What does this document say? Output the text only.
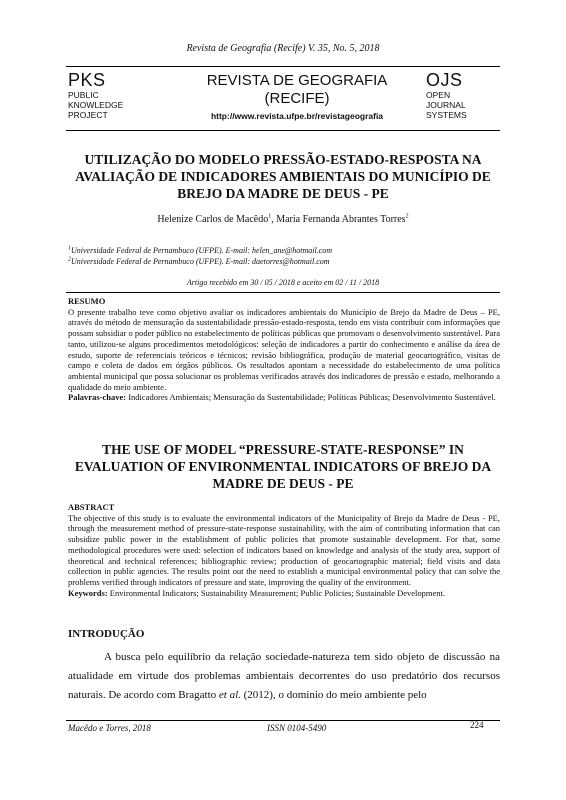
Revista de Geografia (Recife) V. 35, No. 5, 2018
PKS
PUBLIC
KNOWLEDGE
PROJECT
REVISTA DE GEOGRAFIA
(RECIFE)
http://www.revista.ufpe.br/revistageografia
OJS
OPEN
JOURNAL
SYSTEMS
UTILIZAÇÃO DO MODELO PRESSÃO-ESTADO-RESPOSTA NA AVALIAÇÃO DE INDICADORES AMBIENTAIS DO MUNICÍPIO DE BREJO DA MADRE DE DEUS - PE
Helenize Carlos de Macêdo$^1$, Maria Fernanda Abrantes Torres$^2$
$^1$Universidade Federal de Pernambuco (UFPE). E-mail: helen_ane@hotmail.com
$^2$Universidade Federal de Pernambuco (UFPE). E-mail: daetorres@hotmail.com
Artigo recebido em 30 / 05 / 2018 e aceito em 02 / 11 / 2018
RESUMO
O presente trabalho teve como objetivo avaliar os indicadores ambientais do Município de Brejo da Madre de Deus – PE, através do método de mensuração da sustentabilidade pressão-estado-resposta, tendo em vista contribuir com informações que possam subsidiar o poder público no estabelecimento de políticas públicas que promovam o desenvolvimento sustentável. Para tanto, utilizou-se alguns procedimentos metodológicos: seleção de indicadores a partir do conhecimento e análise da área de estudo, suporte de referenciais teóricos e técnicos; revisão bibliográfica, produção de material geocartográfico, visitas de campo e coleta de dados em órgãos públicos. Os resultados apontam a necessidade do estabelecimento de uma política ambiental municipal que possa solucionar os problemas verificados através dos indicadores de pressão e estado, melhorando a qualidade do meio ambiente.
Palavras-chave: Indicadores Ambientais; Mensuração da Sustentabilidade; Políticas Públicas; Desenvolvimento Sustentável.
THE USE OF MODEL “PRESSURE-STATE-RESPONSE” IN EVALUATION OF ENVIRONMENTAL INDICATORS OF BREJO DA MADRE DE DEUS - PE
ABSTRACT
The objective of this study is to evaluate the environmental indicators of the Municipality of Brejo da Madre de Deus - PE, through the measurement method of pressure-state-response sustainability, with the aim of contributing information that can subsidize public power in the establishment of public policies that promote sustainable development. For that, some methodological procedures were used: selection of indicators based on knowledge and analysis of the study area, support of theoretical and technical references; bibliographic review; production of geocartographic material; field visits and data collection in public agencies. The results point out the need to establish a municipal environmental policy that can solve the problems verified through indicators of pressure and state, improving the quality of the environment.
Keywords: Environmental Indicators; Sustainability Measurement; Public Policies; Sustainable Development.
INTRODUÇÃO

A busca pelo equilíbrio da relação sociedade-natureza tem sido objeto de discussão na atualidade em virtude dos problemas ambientais decorrentes do uso predatório dos recursos naturais. De acordo com Bragatto et al. (2012), o domínio do meio ambiente pelo

Macêdo e Torres, 2018	ISSN 0104-5490	224
